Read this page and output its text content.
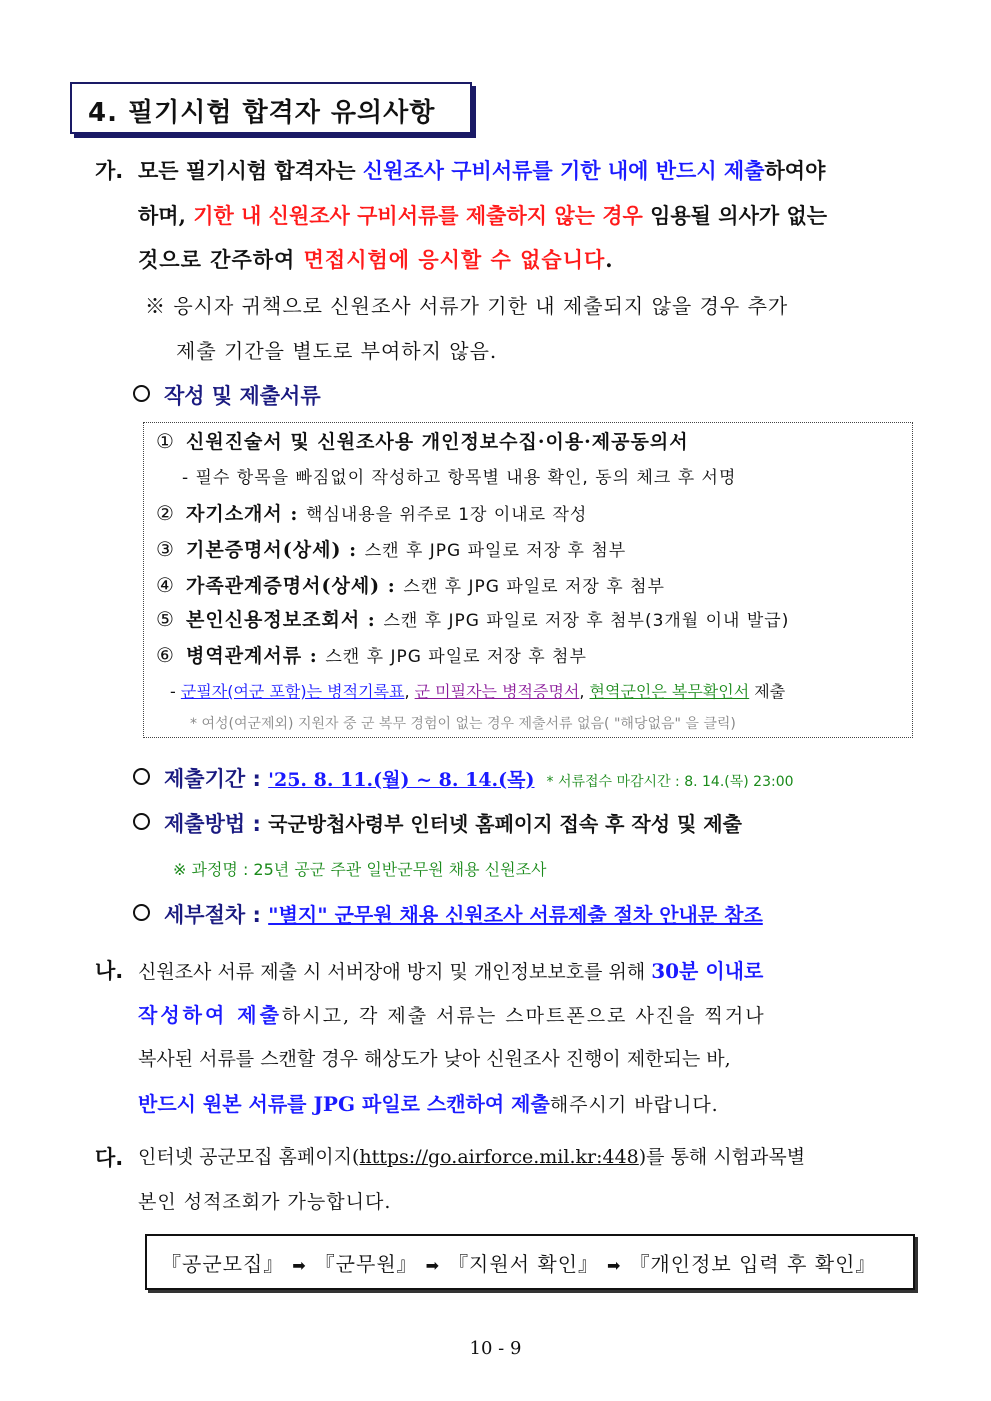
4. 필기시험 합격자 유의사항
가. 모든 필기시험 합격자는 신원조사 구비서류를 기한 내에 반드시 제출하여야
하며, 기한 내 신원조사 구비서류를 제출하지 않는 경우 임용될 의사가 없는
것으로 간주하여 면접시험에 응시할 수 없습니다.
※ 응시자 귀책으로 신원조사 서류가 기한 내 제출되지 않을 경우 추가
제출 기간을 별도로 부여하지 않음.
작성 및 제출서류
① 신원진술서 및 신원조사용 개인정보수집·이용·제공동의서
- 필수 항목을 빠짐없이 작성하고 항목별 내용 확인, 동의 체크 후 서명
② 자기소개서 : 핵심내용을 위주로 1장 이내로 작성
③ 기본증명서(상세) : 스캔 후 JPG 파일로 저장 후 첨부
④ 가족관계증명서(상세) : 스캔 후 JPG 파일로 저장 후 첨부
⑤ 본인신용정보조회서 : 스캔 후 JPG 파일로 저장 후 첨부(3개월 이내 발급)
⑥ 병역관계서류 : 스캔 후 JPG 파일로 저장 후 첨부
- 군필자(여군 포함)는 병적기록표, 군 미필자는 병적증명서, 현역군인은 복무확인서 제출
* 여성(여군제외) 지원자 중 군 복무 경험이 없는 경우 제출서류 없음( "해당없음" 을 클릭)
제출기간 : '25. 8. 11.(월) ~ 8. 14.(목) * 서류접수 마감시간 : 8. 14.(목) 23:00
제출방법 : 국군방첩사령부 인터넷 홈페이지 접속 후 작성 및 제출
※ 과정명 : 25년 공군 주관 일반군무원 채용 신원조사
세부절차 : "별지" 군무원 채용 신원조사 서류제출 절차 안내문 참조
나. 신원조사 서류 제출 시 서버장애 방지 및 개인정보보호를 위해 30분 이내로
작성하여 제출하시고, 각 제출 서류는 스마트폰으로 사진을 찍거나
복사된 서류를 스캔할 경우 해상도가 낮아 신원조사 진행이 제한되는 바,
반드시 원본 서류를 JPG 파일로 스캔하여 제출해주시기 바랍니다.
다. 인터넷 공군모집 홈페이지(https://go.airforce.mil.kr:448)를 통해 시험과목별
본인 성적조회가 가능합니다.
『공군모집』 ➡ 『군무원』 ➡ 『지원서 확인』 ➡ 『개인정보 입력 후 확인』
10 - 9
